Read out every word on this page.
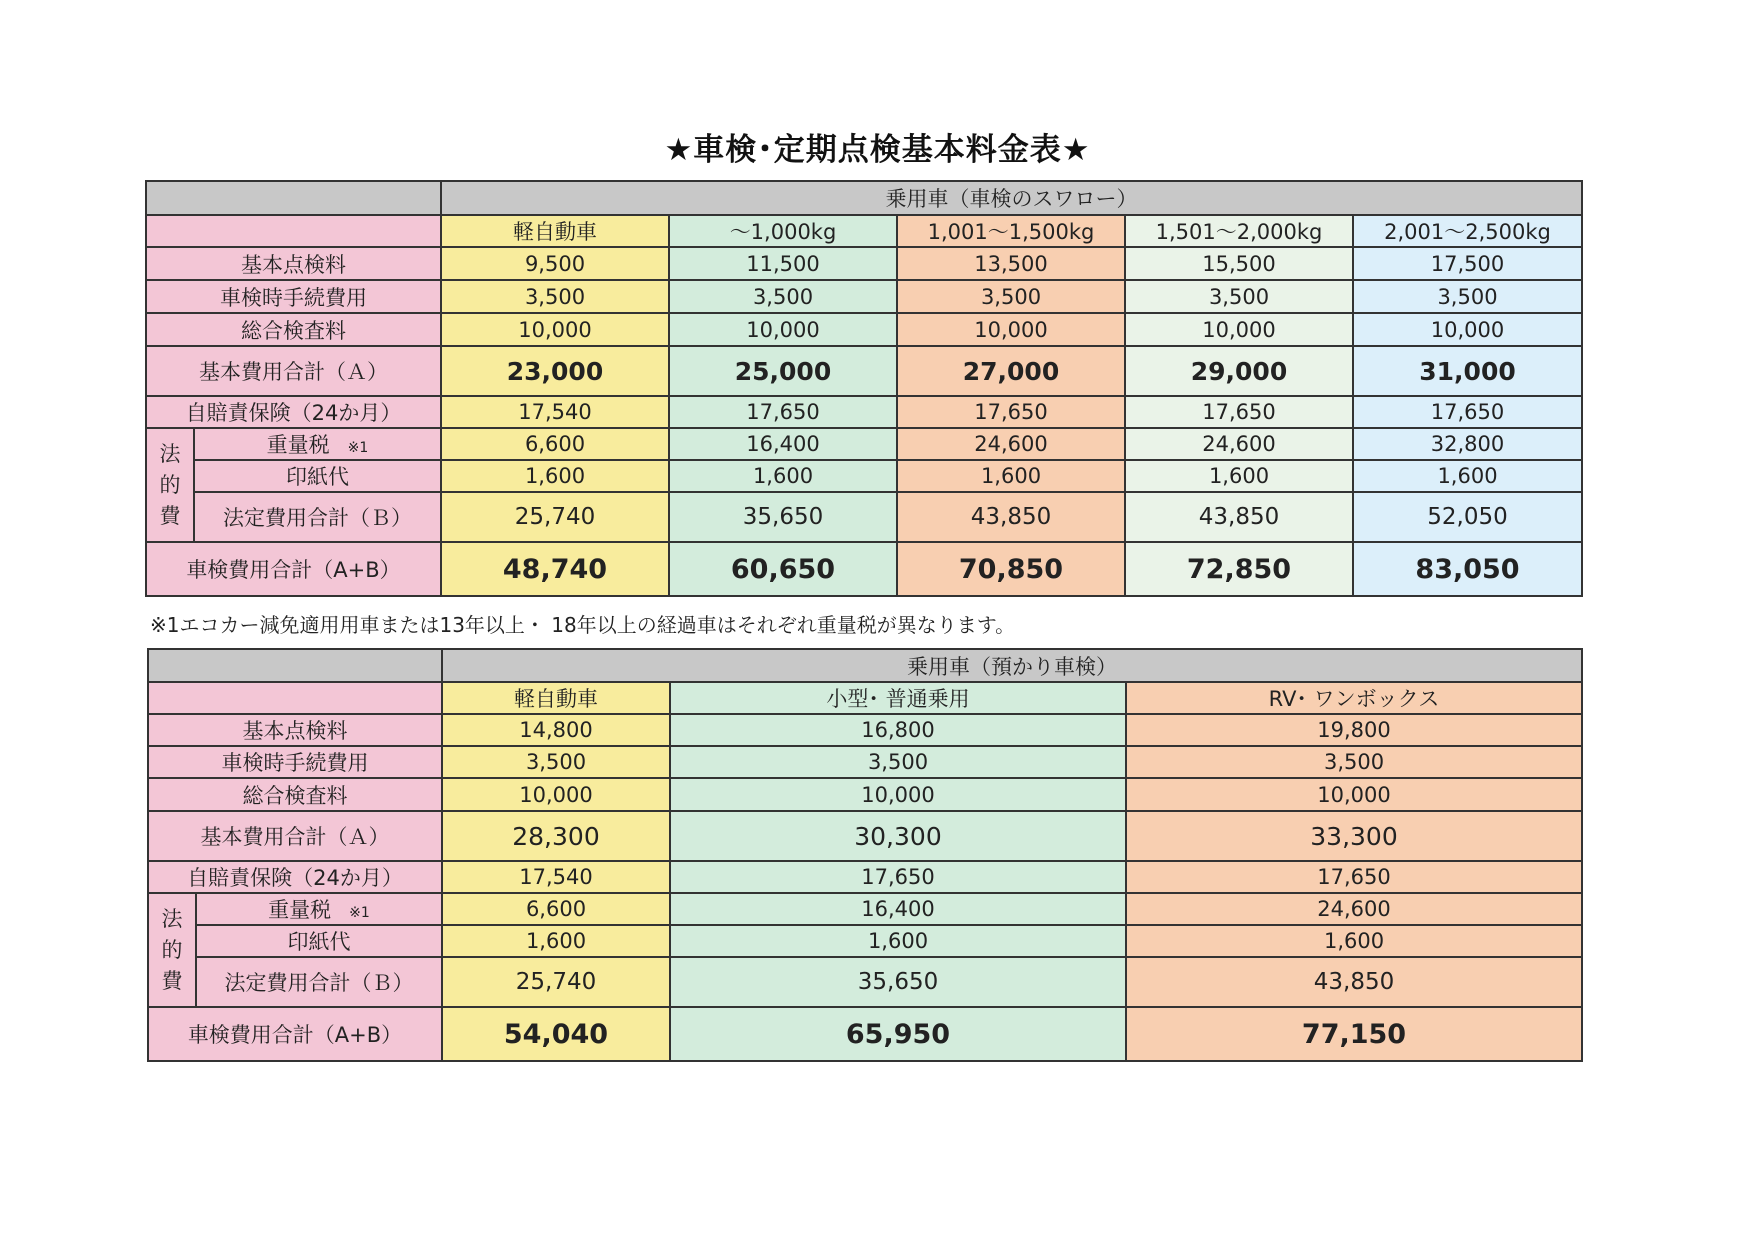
★車検･定期点検基本料金表★
		乗用車（車検のスワロー）				
		軽自動車	～1,000kg	1,001～1,500kg	1,501～2,000kg	2,001～2,500kg
基本点検料		9,500	11,500	13,500	15,500	17,500
車検時手続費用		3,500	3,500	3,500	3,500	3,500
総合検査料		10,000	10,000	10,000	10,000	10,000
基本費用合計（Ａ）		23,000	25,000	27,000	29,000	31,000
自賠責保険（24か月）		17,540	17,650	17,650	17,650	17,650

法
的
費	重量税 ※1	6,600	16,400	24,600	24,600	32,800
	印紙代	1,600	1,600	1,600	1,600	1,600
	法定費用合計（Ｂ）	25,740	35,650	43,850	43,850	52,050
車検費用合計（A+B）		48,740	60,650	70,850	72,850	83,050
※1エコカー減免適用用車または13年以上・ 18年以上の経過車はそれぞれ重量税が異なります。
		乗用車（預かり車検）		
		軽自動車	小型･ 普通乗用	RV･ ワンボックス
基本点検料		14,800	16,800	19,800
車検時手続費用		3,500	3,500	3,500
総合検査料		10,000	10,000	10,000
基本費用合計（Ａ）		28,300	30,300	33,300
自賠責保険（24か月）		17,540	17,650	17,650

法
的
費	重量税 ※1	6,600	16,400	24,600
	印紙代	1,600	1,600	1,600
	法定費用合計（Ｂ）	25,740	35,650	43,850
車検費用合計（A+B）		54,040	65,950	77,150
